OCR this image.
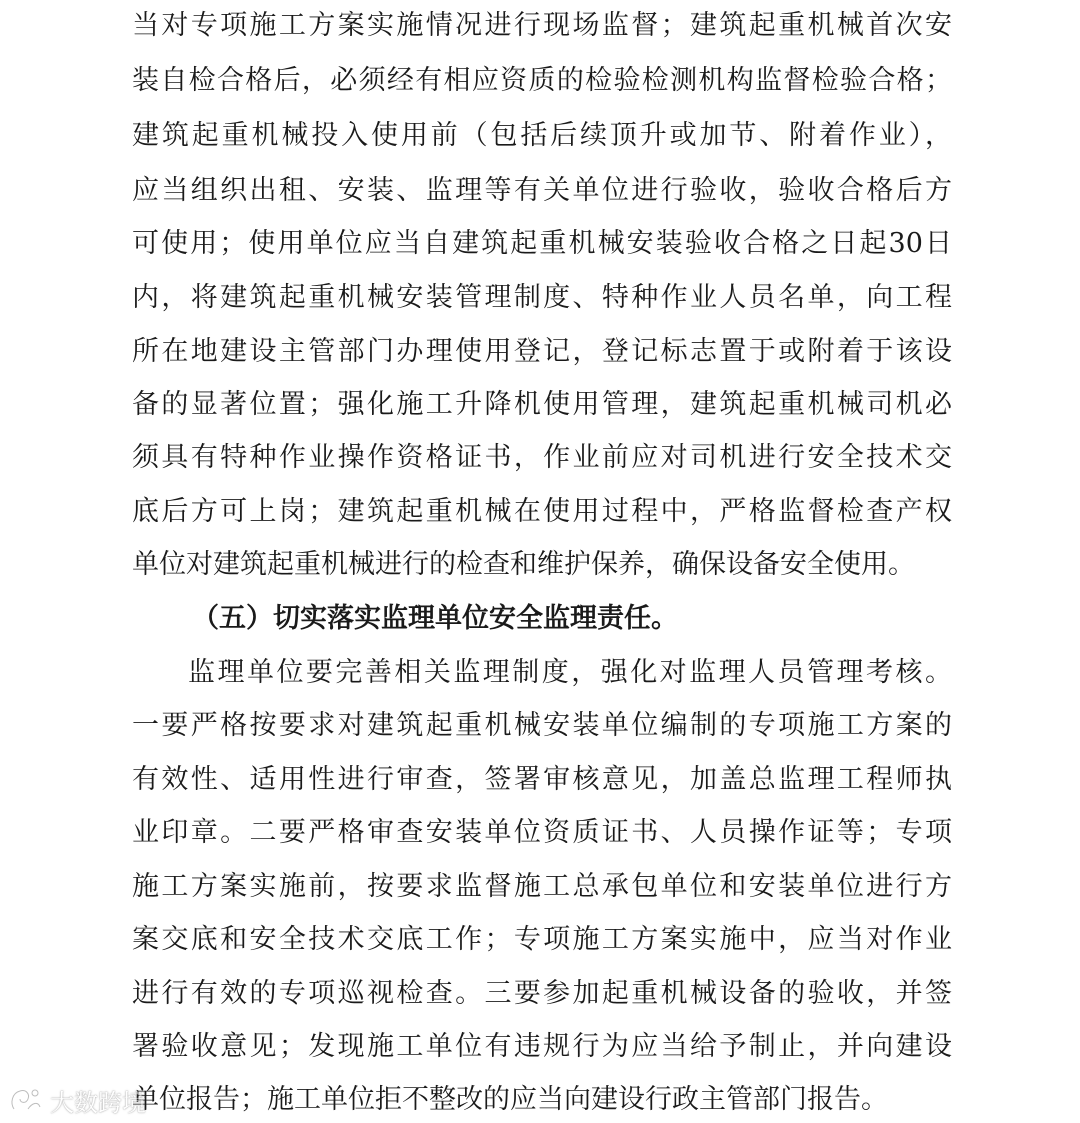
当对专项施工方案实施情况进行现场监督；建筑起重机械首次安
装自检合格后，必须经有相应资质的检验检测机构监督检验合格；
建筑起重机械投入使用前（包括后续顶升或加节、附着作业），
应当组织出租、安装、监理等有关单位进行验收，验收合格后方
可使用；使用单位应当自建筑起重机械安装验收合格之日起30日
内，将建筑起重机械安装管理制度、特种作业人员名单，向工程
所在地建设主管部门办理使用登记，登记标志置于或附着于该设
备的显著位置；强化施工升降机使用管理，建筑起重机械司机必
须具有特种作业操作资格证书，作业前应对司机进行安全技术交
底后方可上岗；建筑起重机械在使用过程中，严格监督检查产权
单位对建筑起重机械进行的检查和维护保养，确保设备安全使用。
（五）切实落实监理单位安全监理责任。
监理单位要完善相关监理制度，强化对监理人员管理考核。
一要严格按要求对建筑起重机械安装单位编制的专项施工方案的
有效性、适用性进行审查，签署审核意见，加盖总监理工程师执
业印章。二要严格审查安装单位资质证书、人员操作证等；专项
施工方案实施前，按要求监督施工总承包单位和安装单位进行方
案交底和安全技术交底工作；专项施工方案实施中，应当对作业
进行有效的专项巡视检查。三要参加起重机械设备的验收，并签
署验收意见；发现施工单位有违规行为应当给予制止，并向建设
单位报告；施工单位拒不整改的应当向建设行政主管部门报告。
大数跨境
